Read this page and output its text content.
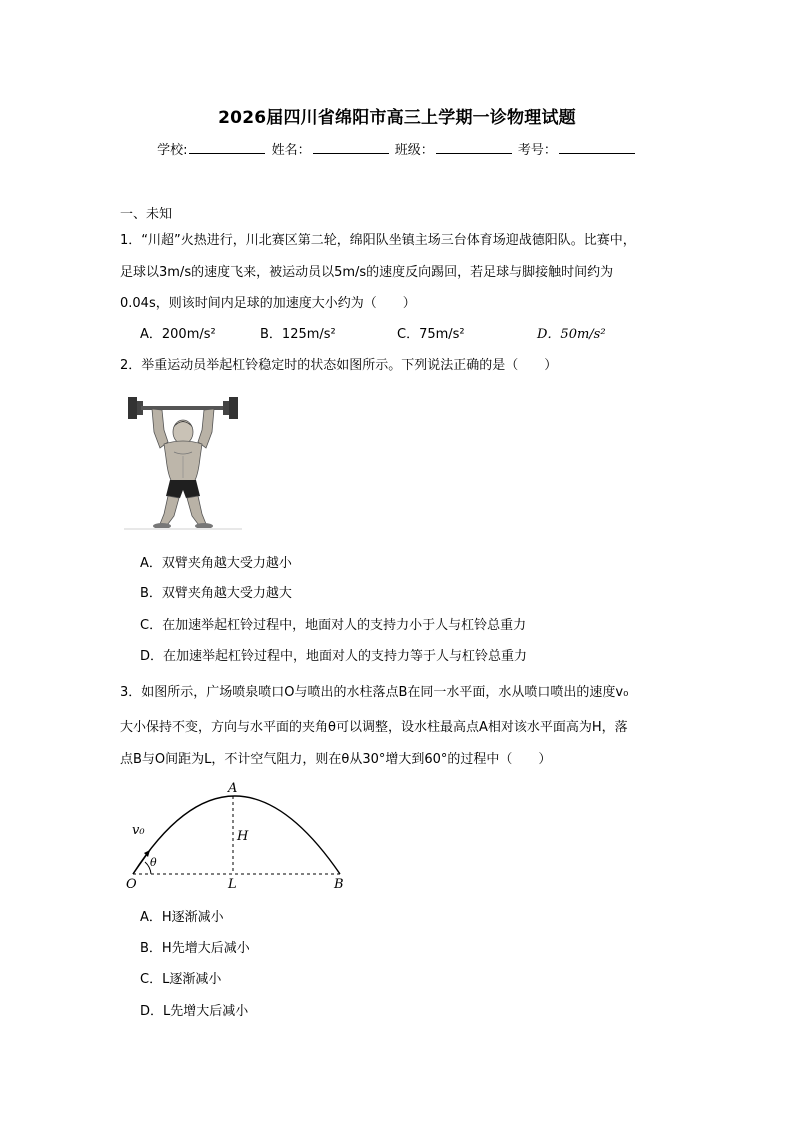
2026届四川省绵阳市高三上学期一诊物理试题
学校:	姓名：	班级：	考号：
一、未知
1．“川超”火热进行，川北赛区第二轮，绵阳队坐镇主场三台体育场迎战德阳队。比赛中，
足球以3m/s的速度飞来，被运动员以5m/s的速度反向踢回，若足球与脚接触时间约为
0.04s，则该时间内足球的加速度大小约为（　　）
A．200m/s²	B．125m/s²	C．75m/s²	D．50m/s²
2．举重运动员举起杠铃稳定时的状态如图所示。下列说法正确的是（　　）
A．双臂夹角越大受力越小
B．双臂夹角越大受力越大
C．在加速举起杠铃过程中，地面对人的支持力小于人与杠铃总重力
D．在加速举起杠铃过程中，地面对人的支持力等于人与杠铃总重力
3．如图所示，广场喷泉喷口O与喷出的水柱落点B在同一水平面，水从喷口喷出的速度v₀
大小保持不变，方向与水平面的夹角θ可以调整，设水柱最高点A相对该水平面高为H，落
点B与O间距为L，不计空气阻力，则在θ从30°增大到60°的过程中（　　）
A
H
v₀
θ
O	L	B
A．H逐渐减小
B．H先增大后减小
C．L逐渐减小
D．L先增大后减小
